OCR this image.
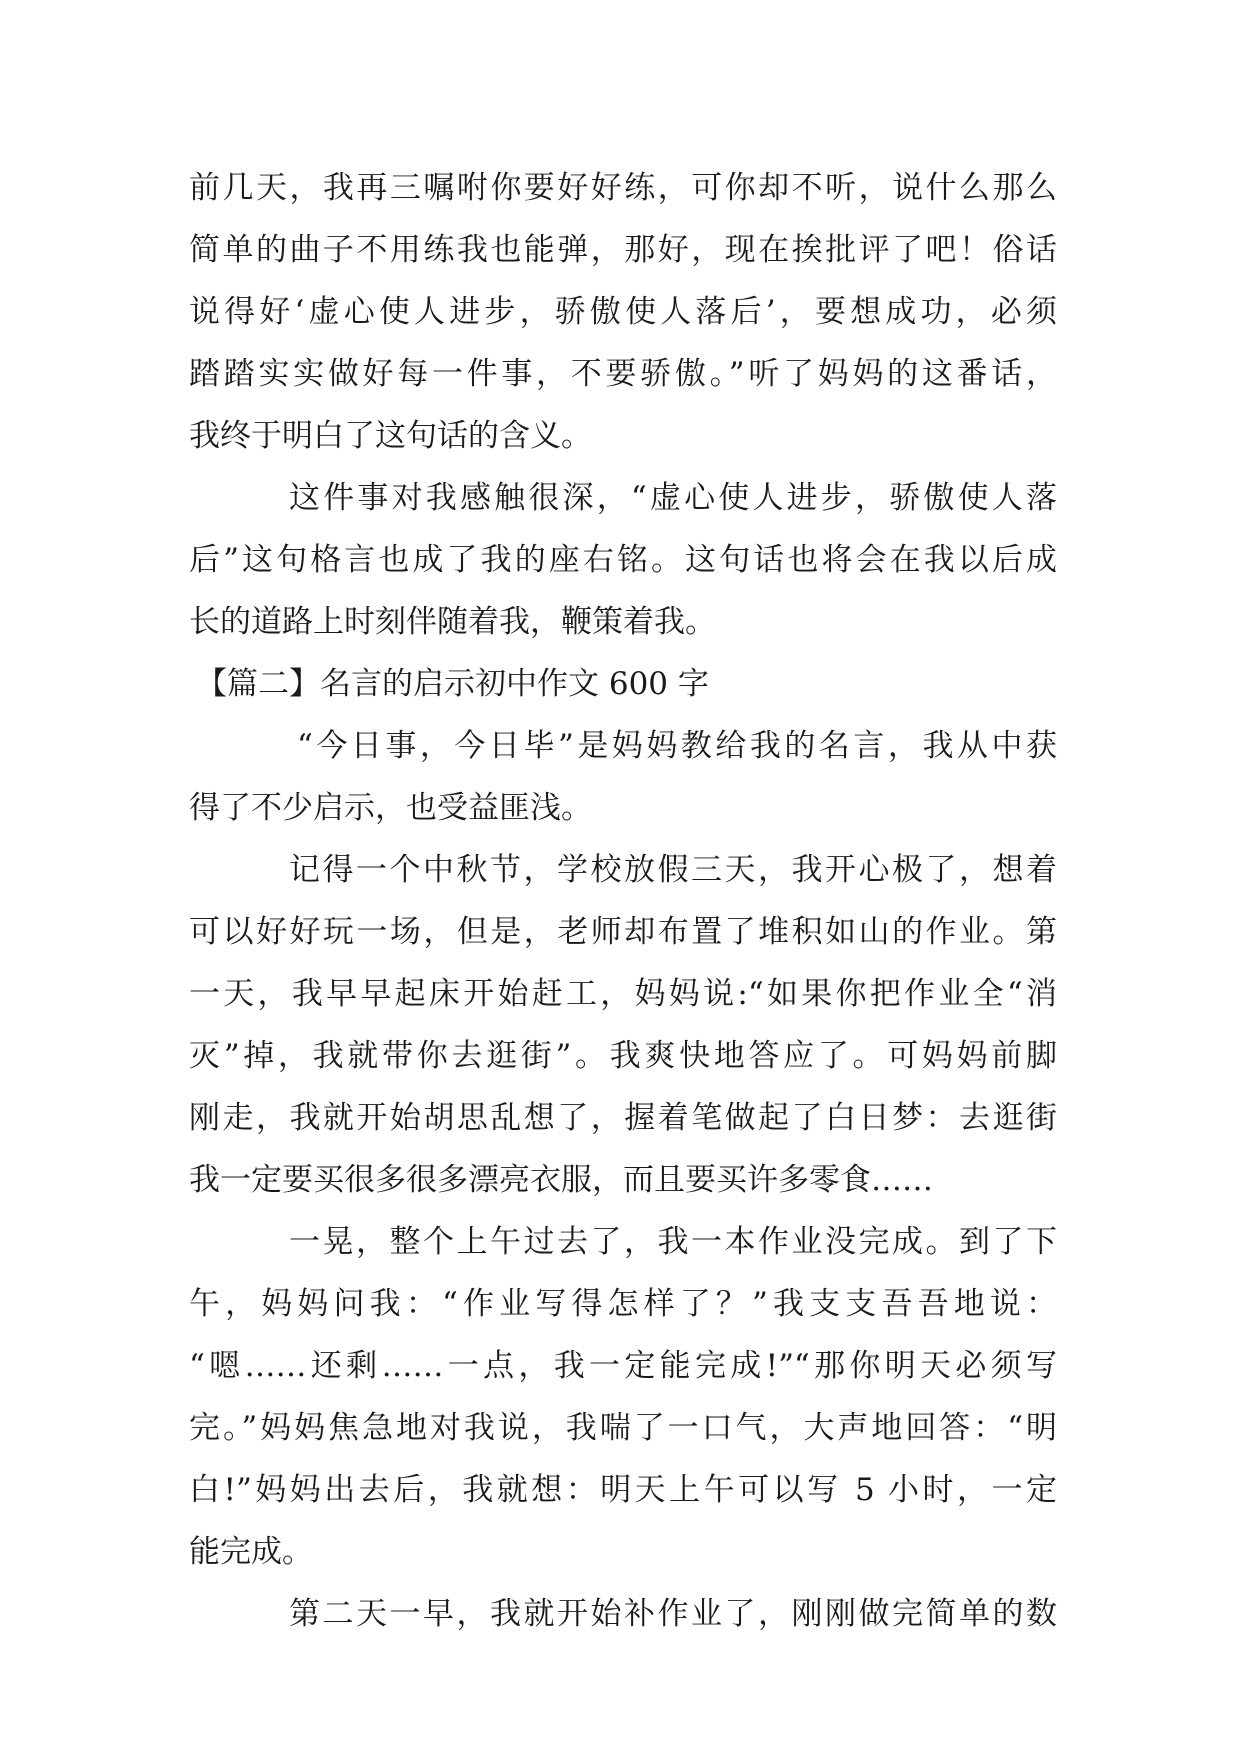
前几天，我再三嘱咐你要好好练，可你却不听，说什么那么
简单的曲子不用练我也能弹，那好，现在挨批评了吧！俗话
说得好‘虚心使人进步，骄傲使人落后’，要想成功，必须
踏踏实实做好每一件事，不要骄傲。”听了妈妈的这番话，
我终于明白了这句话的含义。
这件事对我感触很深，“虚心使人进步，骄傲使人落
后”这句格言也成了我的座右铭。这句话也将会在我以后成
长的道路上时刻伴随着我，鞭策着我。
【篇二】名言的启示初中作文 600 字
“今日事，今日毕”是妈妈教给我的名言，我从中获
得了不少启示，也受益匪浅。
记得一个中秋节，学校放假三天，我开心极了，想着
可以好好玩一场，但是，老师却布置了堆积如山的作业。第
一天，我早早起床开始赶工，妈妈说:“如果你把作业全“消
灭”掉，我就带你去逛街”。我爽快地答应了。可妈妈前脚
刚走，我就开始胡思乱想了，握着笔做起了白日梦：去逛街
我一定要买很多很多漂亮衣服，而且要买许多零食……
一晃，整个上午过去了，我一本作业没完成。到了下
午，妈妈问我：“作业写得怎样了？”我支支吾吾地说：
“嗯……还剩……一点，我一定能完成!”“那你明天必须写
完。”妈妈焦急地对我说，我喘了一口气，大声地回答：“明
白!”妈妈出去后，我就想：明天上午可以写 5 小时，一定
能完成。
第二天一早，我就开始补作业了，刚刚做完简单的数
